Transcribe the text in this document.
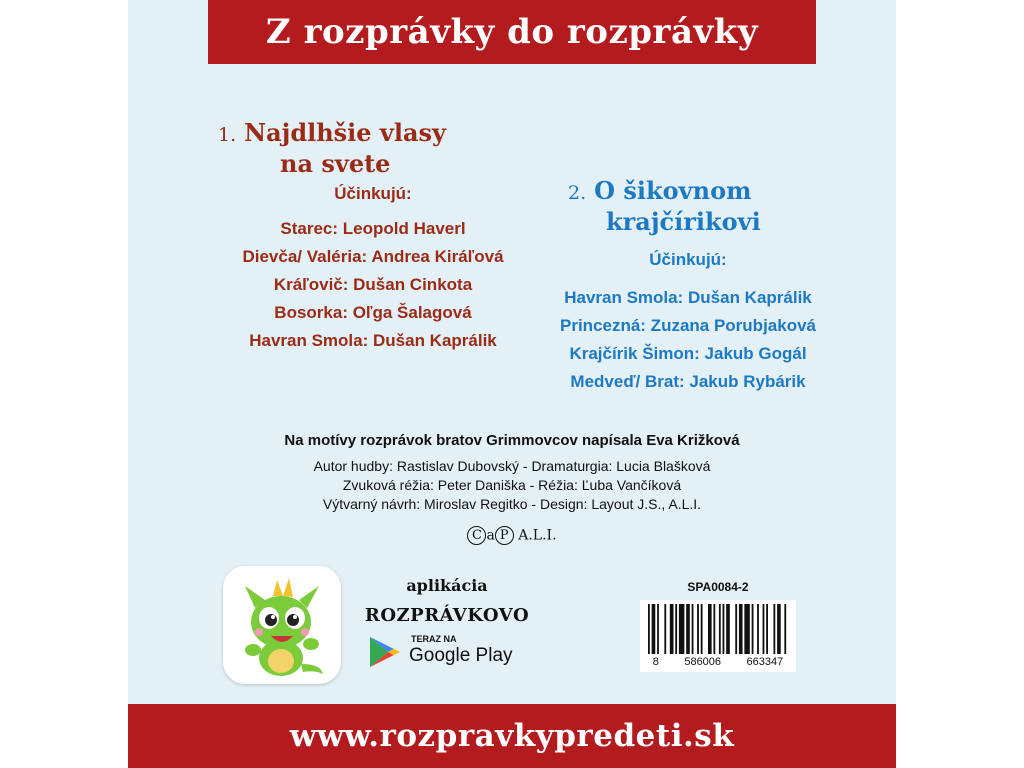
Z rozprávky do rozprávky
1. Najdlhšie vlasy
na svete
Účinkujú:
Starec: Leopold Haverl
Dievča/ Valéria: Andrea Kiráľová
Kráľovič: Dušan Cinkota
Bosorka: Oľga Šalagová
Havran Smola: Dušan Kaprálik
2. O šikovnom
krajčírikovi
Účinkujú:
Havran Smola: Dušan Kaprálik
Princezná: Zuzana Porubjaková
Krajčírik Šimon: Jakub Gogál
Medveď/ Brat: Jakub Rybárik
Na motívy rozprávok bratov Grimmovcov napísala Eva Križková
Autor hudby: Rastislav Dubovský - Dramaturgia: Lucia Blašková
Zvuková réžia: Peter Daniška - Réžia: Ľuba Vančíková
Výtvarný návrh: Miroslav Regitko - Design: Layout J.S., A.L.I.
C a P A.L.I.
aplikácia
ROZPRÁVKOVO
TERAZ NA
Google Play
SPA0084-2
8 586006 663347
www.rozpravkypredeti.sk
